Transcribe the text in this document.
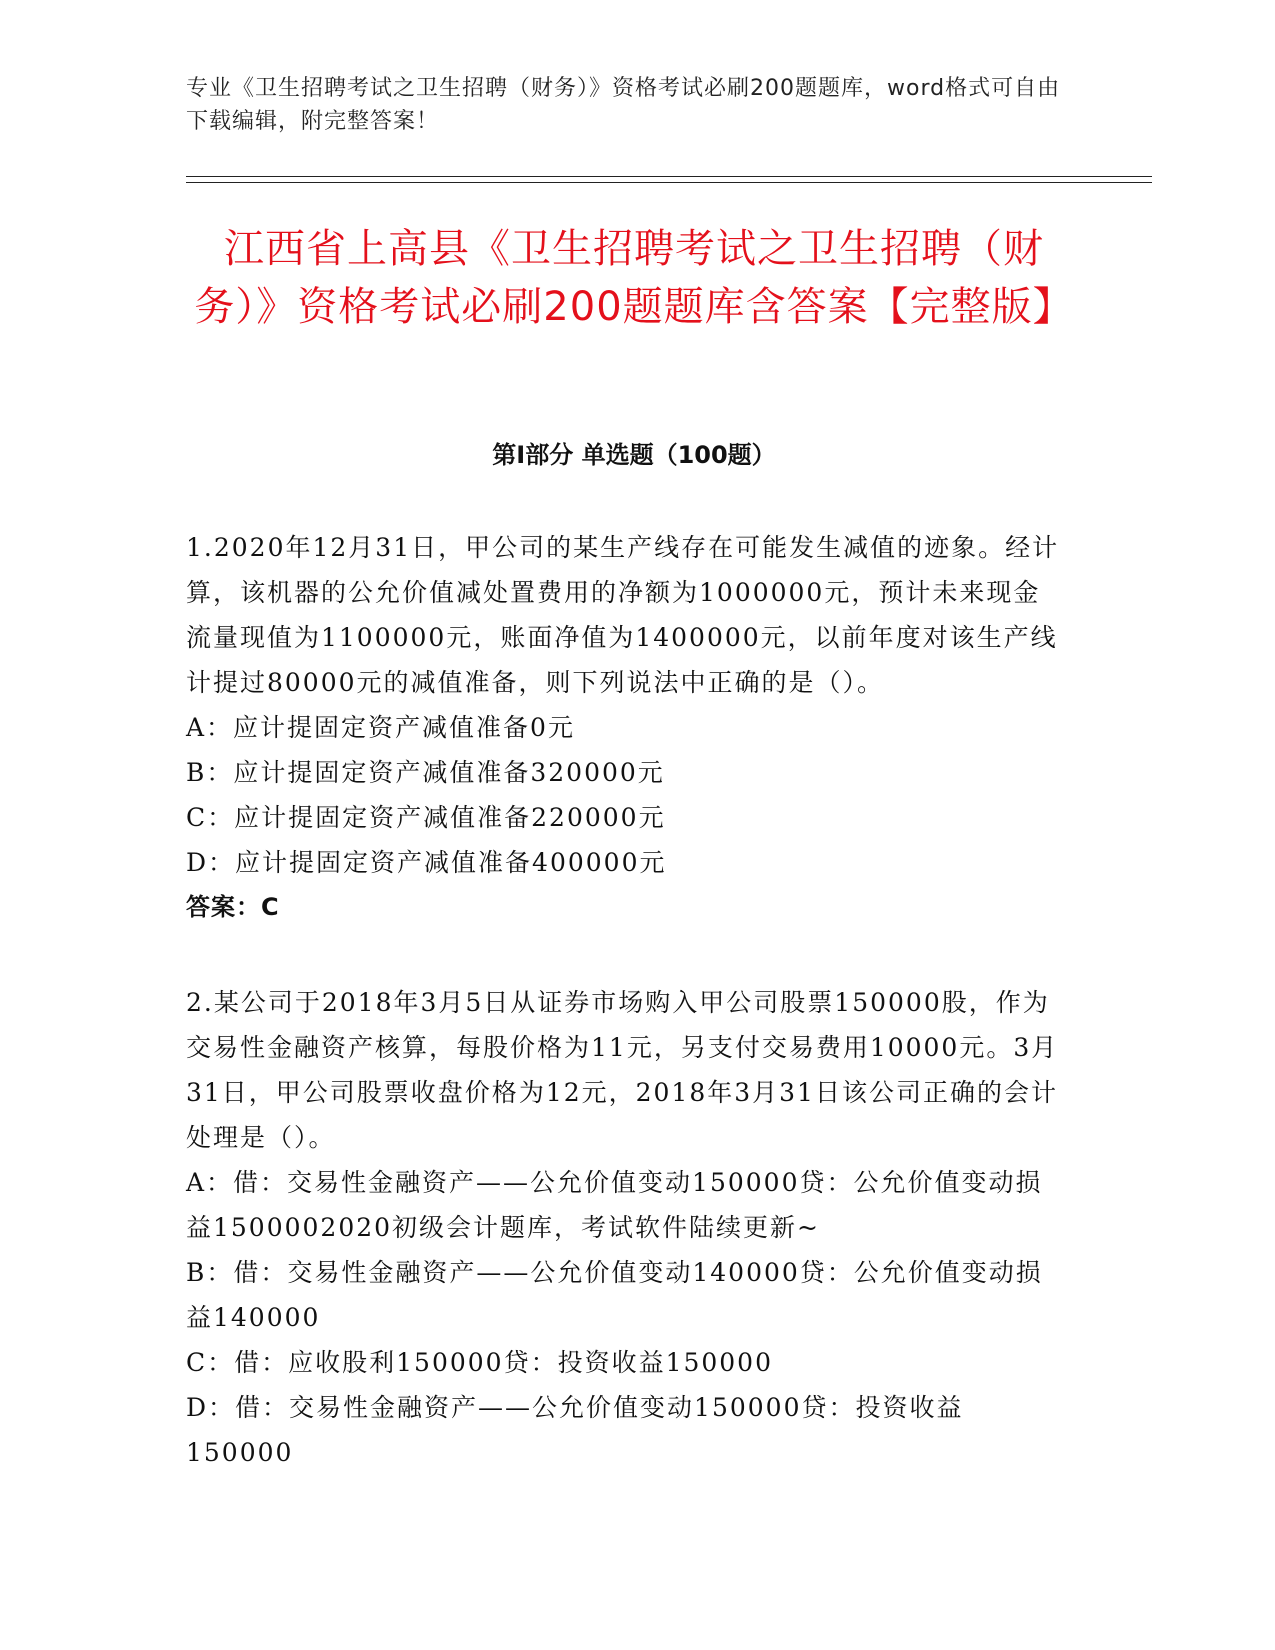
专业《卫生招聘考试之卫生招聘（财务）》资格考试必刷200题题库，word格式可自由下载编辑，附完整答案！
江西省上高县《卫生招聘考试之卫生招聘（财务）》资格考试必刷200题题库含答案【完整版】
第Ⅰ部分 单选题（100题）

1.2020年12月31日，甲公司的某生产线存在可能发生减值的迹象。经计算，该机器的公允价值减处置费用的净额为1000000元，预计未来现金流量现值为1100000元，账面净值为1400000元，以前年度对该生产线计提过80000元的减值准备，则下列说法中正确的是（）。

A：应计提固定资产减值准备0元

B：应计提固定资产减值准备320000元

C：应计提固定资产减值准备220000元

D：应计提固定资产减值准备400000元

答案：C

2.某公司于2018年3月5日从证券市场购入甲公司股票150000股，作为交易性金融资产核算，每股价格为11元，另支付交易费用10000元。3月31日，甲公司股票收盘价格为12元，2018年3月31日该公司正确的会计处理是（）。

A：借：交易性金融资产——公允价值变动150000贷：公允价值变动损益1500002020初级会计题库，考试软件陆续更新~

B：借：交易性金融资产——公允价值变动140000贷：公允价值变动损益140000

C：借：应收股利150000贷：投资收益150000

D：借：交易性金融资产——公允价值变动150000贷：投资收益150000
